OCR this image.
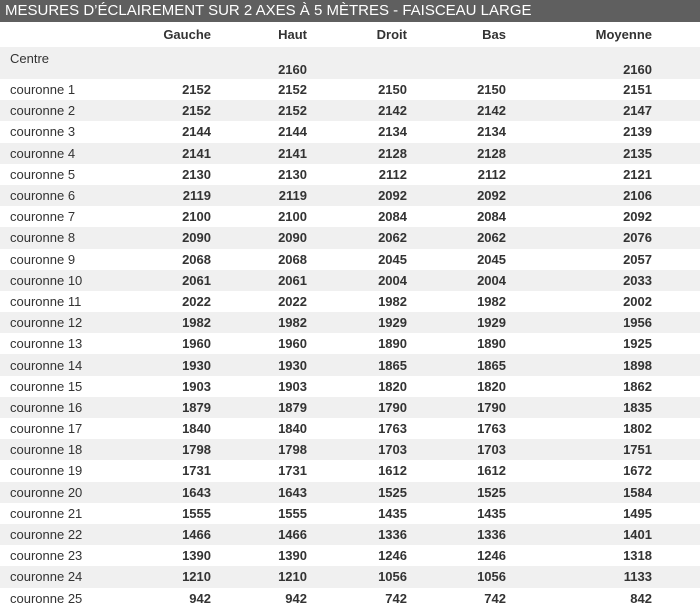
MESURES D’ÉCLAIREMENT SUR 2 AXES À 5 MÈTRES - FAISCEAU LARGE
	Gauche	Haut	Droit	Bas	Moyenne	
Centre		2160			2160	
couronne 1	2152	2152	2150	2150	2151	
couronne 2	2152	2152	2142	2142	2147	
couronne 3	2144	2144	2134	2134	2139	
couronne 4	2141	2141	2128	2128	2135	
couronne 5	2130	2130	2112	2112	2121	
couronne 6	2119	2119	2092	2092	2106	
couronne 7	2100	2100	2084	2084	2092	
couronne 8	2090	2090	2062	2062	2076	
couronne 9	2068	2068	2045	2045	2057	
couronne 10	2061	2061	2004	2004	2033	
couronne 11	2022	2022	1982	1982	2002	
couronne 12	1982	1982	1929	1929	1956	
couronne 13	1960	1960	1890	1890	1925	
couronne 14	1930	1930	1865	1865	1898	
couronne 15	1903	1903	1820	1820	1862	
couronne 16	1879	1879	1790	1790	1835	
couronne 17	1840	1840	1763	1763	1802	
couronne 18	1798	1798	1703	1703	1751	
couronne 19	1731	1731	1612	1612	1672	
couronne 20	1643	1643	1525	1525	1584	
couronne 21	1555	1555	1435	1435	1495	
couronne 22	1466	1466	1336	1336	1401	
couronne 23	1390	1390	1246	1246	1318	
couronne 24	1210	1210	1056	1056	1133	
couronne 25	942	942	742	742	842	
